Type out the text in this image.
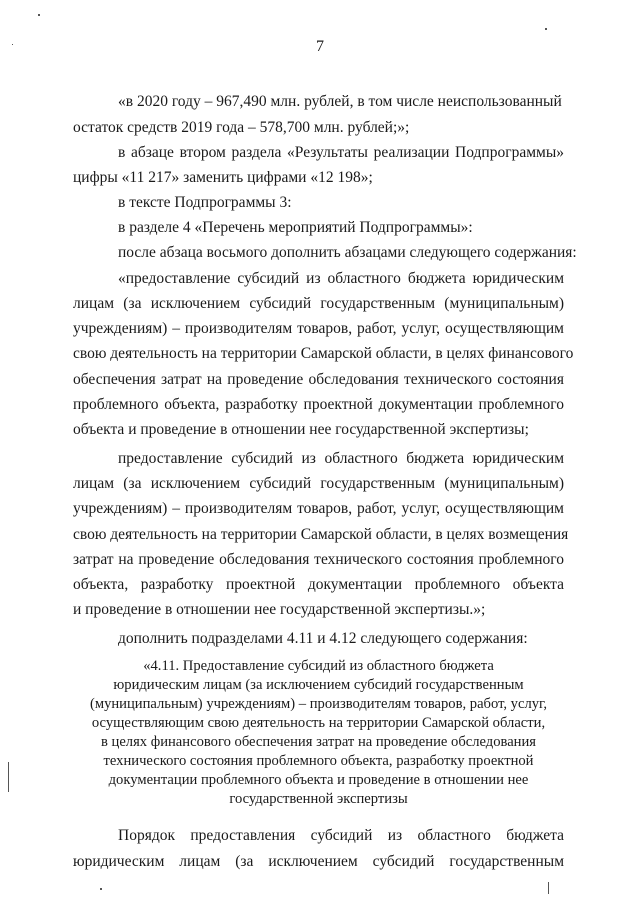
7
«в 2020 году – 967,490 млн. рублей, в том числе неиспользованный
остаток средств 2019 года – 578,700 млн. рублей;»;
в абзаце втором раздела «Результаты реализации Подпрограммы»
цифры «11 217» заменить цифрами «12 198»;
в тексте Подпрограммы 3:
в разделе 4 «Перечень мероприятий Подпрограммы»:
после абзаца восьмого дополнить абзацами следующего содержания:
«предоставление субсидий из областного бюджета юридическим
лицам (за исключением субсидий государственным (муниципальным)
учреждениям) – производителям товаров, работ, услуг, осуществляющим
свою деятельность на территории Самарской области, в целях финансового
обеспечения затрат на проведение обследования технического состояния
проблемного объекта, разработку проектной документации проблемного
объекта и проведение в отношении нее государственной экспертизы;
предоставление субсидий из областного бюджета юридическим
лицам (за исключением субсидий государственным (муниципальным)
учреждениям) – производителям товаров, работ, услуг, осуществляющим
свою деятельность на территории Самарской области, в целях возмещения
затрат на проведение обследования технического состояния проблемного
объекта, разработку проектной документации проблемного объекта
и проведение в отношении нее государственной экспертизы.»;
дополнить подразделами 4.11 и 4.12 следующего содержания:
«4.11. Предоставление субсидий из областного бюджета
юридическим лицам (за исключением субсидий государственным
(муниципальным) учреждениям) – производителям товаров, работ, услуг,
осуществляющим свою деятельность на территории Самарской области,
в целях финансового обеспечения затрат на проведение обследования
технического состояния проблемного объекта, разработку проектной
документации проблемного объекта и проведение в отношении нее
государственной экспертизы
Порядок предоставления субсидий из областного бюджета
юридическим лицам (за исключением субсидий государственным
